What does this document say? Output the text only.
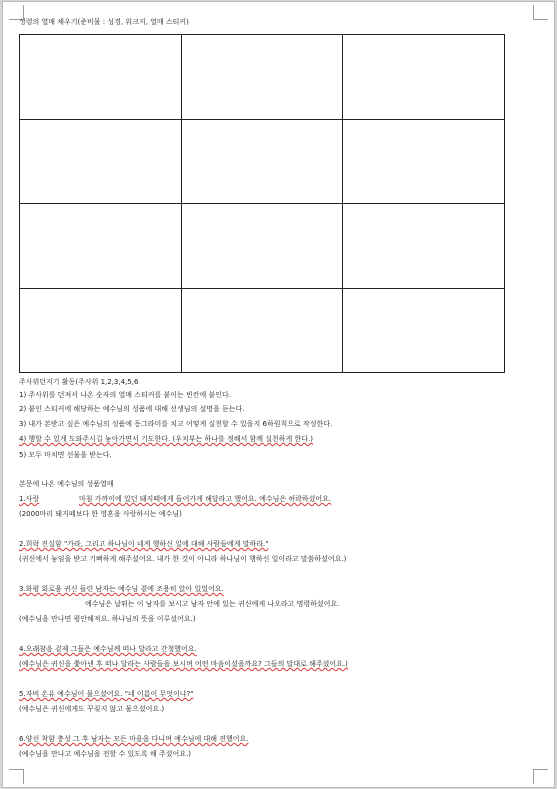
성령의 열매 채우기(준비물 : 성경, 워크지, 열매 스티커)

주사위던지기 활동(주사위 1,2,3,4,5,6
1) 주사위를 던져서 나온 숫자의 열매 스티커를 붙이는 빈칸에 붙인다.
2) 붙인 스티커에 해당하는 예수님의 성품에 대해 선생님의 설명을 듣는다.
3) 내가 본받고 싶은 예수님의 성품에 동그라미를 치고 어떻게 실천할 수 있을지 6하원칙으로 작성한다.
4) 행할 수 있게 도와주시길 놓아가면서 기도한다. (우치부는 하나를 정해서 함께 실천하게 한다.)
5) 모두 마치면 선물을 받는다.
본문에 나온 예수님의 성품열매
1.사랑	마침 가까이에 있던 돼지떼에게 들어가게 해달라고 했어요. 예수님은 허락하셨어요.
(2000마리 돼지떼보다 한 영혼을 사랑하시는 예수님)
2.희락 진실함 "가라, 그리고 하나님이 네게 행하신 일에 대해 사람들에게 말하라."
(귀신에서 놓임을 받고 기뻐하게 해주셨어요. 내가 한 것이 아니라 하나님이 행하신 일이라고 말씀하셨어요.)
3.화평 회로움 귀신 들린 남자는 예수님 곁에 조용히 앉아 있었어요.
예수님은 날뛰는 이 남자를 보시고 남자 안에 있는 귀신에게 나오라고 명령하셨어요.
(예수님을 만나면 평안해져요. 하나님의 뜻을 이루셨어요.)
4.오래참음 겉제 그들은 예수님께 떠나 달라고 간청했어요.
(예수님은 귀신을 쫓아낸 후 떠나 달라는 사람들을 보시며 어떤 마음이셨을까요? 그들의 말대로 해주셨어요.)
5.자비 온유 예수님이 물으셨어요. "네 이름이 무엇이냐?"
(예수님은 귀신에게도 꾸짖지 않고 물으셨어요.)
6.양선 착함 충성 그 후 남자는 모든 마을을 다니며 예수님에 대해 전했어요.
(예수님을 만나고 예수님을 전할 수 있도록 해 주셨어요.)
